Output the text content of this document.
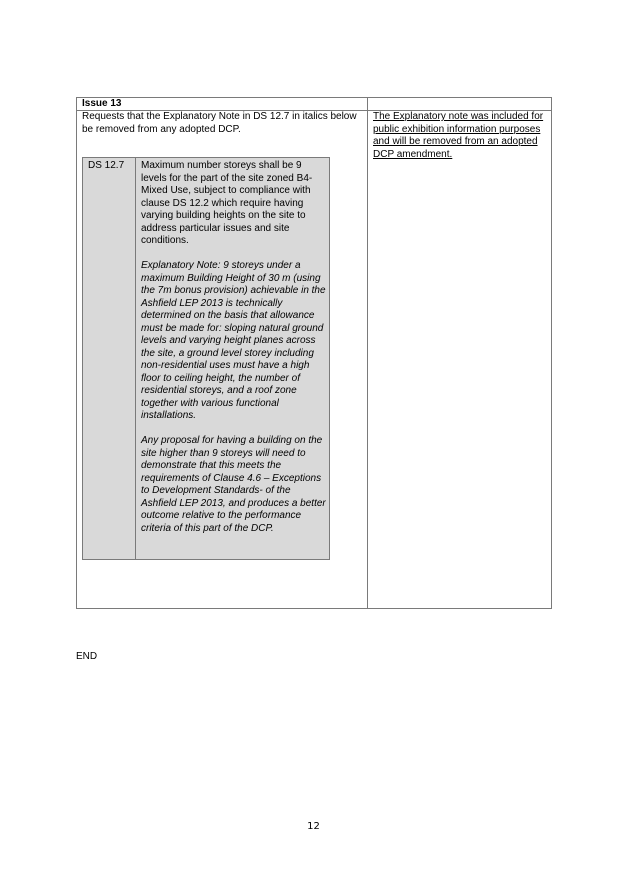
Issue 13
Requests that the Explanatory Note in DS 12.7 in italics below be removed from any adopted DCP.
The Explanatory note was included for public exhibition information purposes and will be removed from an adopted DCP amendment.
DS 12.7 Maximum number storeys shall be 9 levels for the part of the site zoned B4-Mixed Use, subject to compliance with clause DS 12.2 which require having varying building heights on the site to address particular issues and site conditions.

Explanatory Note: 9 storeys under a maximum Building Height of 30 m (using the 7m bonus provision) achievable in the Ashfield LEP 2013 is technically determined on the basis that allowance must be made for: sloping natural ground levels and varying height planes across the site, a ground level storey including non-residential uses must have a high floor to ceiling height, the number of residential storeys, and a roof zone together with various functional installations.

Any proposal for having a building on the site higher than 9 storeys will need to demonstrate that this meets the requirements of Clause 4.6 – Exceptions to Development Standards- of the Ashfield LEP 2013, and produces a better outcome relative to the performance criteria of this part of the DCP.

END
12
